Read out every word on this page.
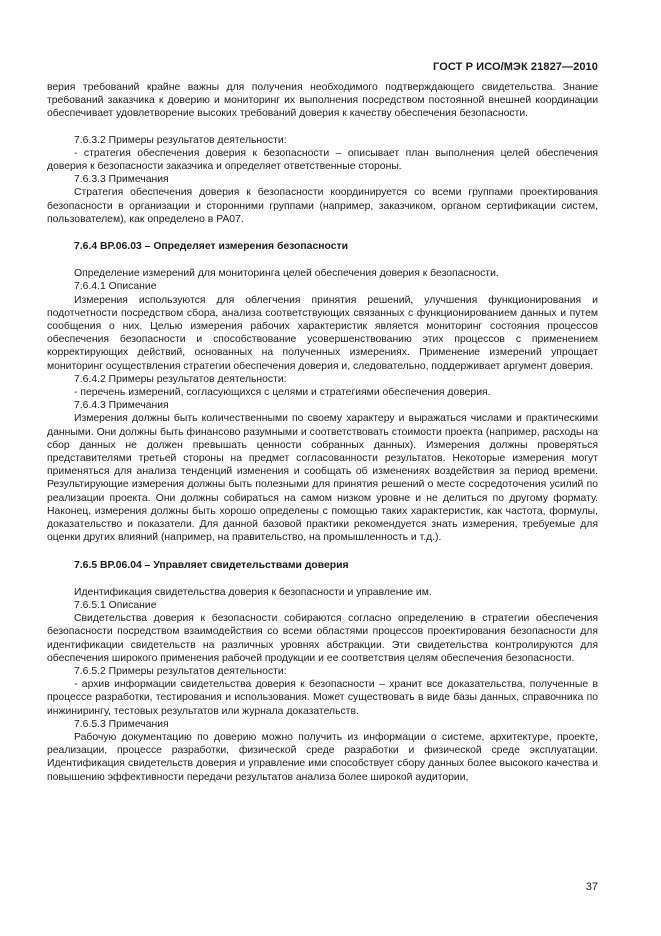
ГОСТ Р ИСО/МЭК 21827—2010

верия требований крайне важны для получения необходимого подтверждающего свидетельства. Знание требований заказчика к доверию и мониторинг их выполнения посредством постоянной внешней координации обеспечивает удовлетворение высоких требований доверия к качеству обеспечения безопасности.

7.6.3.2 Примеры результатов деятельности:

- стратегия обеспечения доверия к безопасности – описывает план выполнения целей обеспечения доверия к безопасности заказчика и определяет ответственные стороны.

7.6.3.3 Примечания

Стратегия обеспечения доверия к безопасности координируется со всеми группами проектирования безопасности в организации и сторонними группами (например, заказчиком, органом сертификации систем, пользователем), как определено в PA07.

7.6.4 ВР.06.03 – Определяет измерения безопасности

Определение измерений для мониторинга целей обеспечения доверия к безопасности.

7.6.4.1 Описание

Измерения используются для облегчения принятия решений, улучшения функционирования и подотчетности посредством сбора, анализа соответствующих связанных с функционированием данных и путем сообщения о них. Целью измерения рабочих характеристик является мониторинг состояния процессов обеспечения безопасности и способствование усовершенствованию этих процессов с применением корректирующих действий, основанных на полученных измерениях. Применение измерений упрощает мониторинг осуществления стратегии обеспечения доверия и, следовательно, поддерживает аргумент доверия.

7.6.4.2 Примеры результатов деятельности:

- перечень измерений, согласующихся с целями и стратегиями обеспечения доверия.

7.6.4.3 Примечания

Измерения должны быть количественными по своему характеру и выражаться числами и практическими данными. Они должны быть финансово разумными и соответствовать стоимости проекта (например, расходы на сбор данных не должен превышать ценности собранных данных). Измерения должны проверяться представителями третьей стороны на предмет согласованности результатов. Некоторые измерения могут применяться для анализа тенденций изменения и сообщать об изменениях воздействия за период времени. Результирующие измерения должны быть полезными для принятия решений о месте сосредоточения усилий по реализации проекта. Они должны собираться на самом низком уровне и не делиться по другому формату. Наконец, измерения должны быть хорошо определены с помощью таких характеристик, как частота, формулы, доказательство и показатели. Для данной базовой практики рекомендуется знать измерения, требуемые для оценки других влияний (например, на правительство, на промышленность и т.д.).

7.6.5 ВР.06.04 – Управляет свидетельствами доверия

Идентификация свидетельства доверия к безопасности и управление им.

7.6.5.1 Описание

Свидетельства доверия к безопасности собираются согласно определению в стратегии обеспечения безопасности посредством взаимодействия со всеми областями процессов проектирования безопасности для идентификации свидетельств на различных уровнях абстракции. Эти свидетельства контролируются для обеспечения широкого применения рабочей продукции и ее соответствия целям обеспечения безопасности.

7.6.5.2 Примеры результатов деятельности:

- архив информации свидетельства доверия к безопасности – хранит все доказательства, полученные в процессе разработки, тестирования и использования. Может существовать в виде базы данных, справочника по инжинирингу, тестовых результатов или журнала доказательств.

7.6.5.3 Примечания

Рабочую документацию по доверию можно получить из информации о системе, архитектуре, проекте, реализации, процессе разработки, физической среде разработки и физической среде эксплуатации. Идентификация свидетельств доверия и управление ими способствует сбору данных более высокого качества и повышению эффективности передачи результатов анализа более широкой аудитории,

37
